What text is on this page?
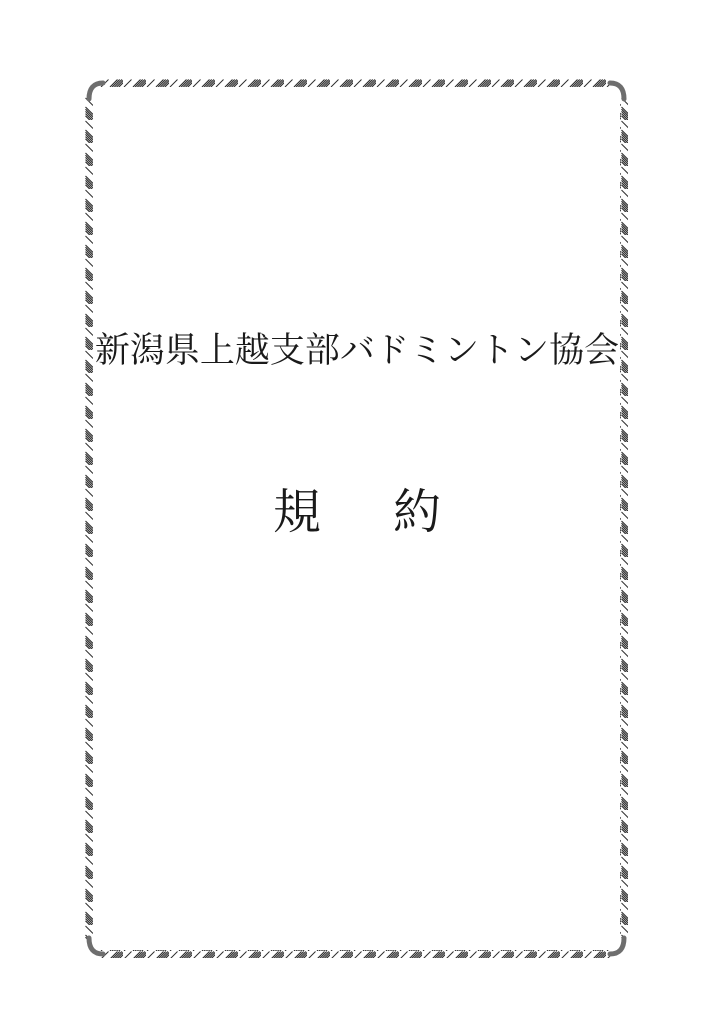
新潟県上越支部バドミントン協会
規 約
